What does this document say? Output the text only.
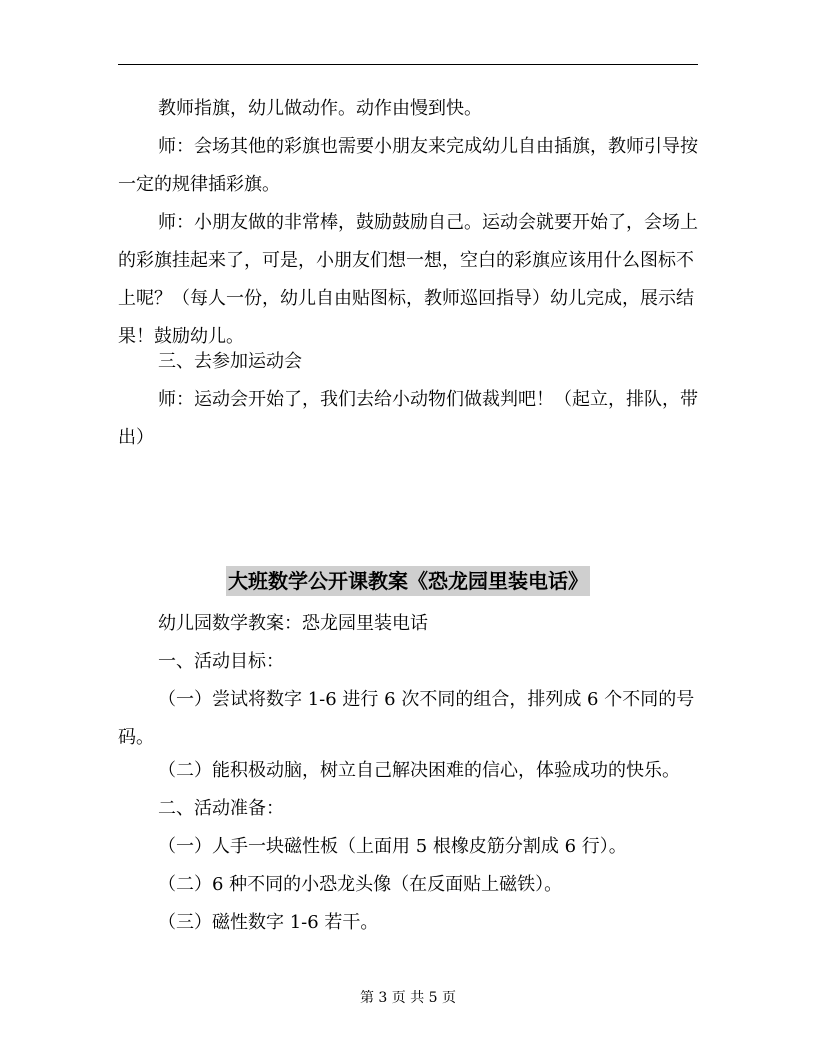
教师指旗，幼儿做动作。动作由慢到快。
师：会场其他的彩旗也需要小朋友来完成幼儿自由插旗，教师引导按一定的规律插彩旗。
师：小朋友做的非常棒，鼓励鼓励自己。运动会就要开始了，会场上的彩旗挂起来了，可是，小朋友们想一想，空白的彩旗应该用什么图标不上呢？（每人一份，幼儿自由贴图标，教师巡回指导）幼儿完成，展示结果！鼓励幼儿。
三、去参加运动会
师：运动会开始了，我们去给小动物们做裁判吧！（起立，排队，带出）
大班数学公开课教案《恐龙园里装电话》
幼儿园数学教案：恐龙园里装电话
一、活动目标：
（一）尝试将数字 1-6 进行 6 次不同的组合，排列成 6 个不同的号码。
（二）能积极动脑，树立自己解决困难的信心，体验成功的快乐。
二、活动准备：
（一）人手一块磁性板（上面用 5 根橡皮筋分割成 6 行）。
（二）6 种不同的小恐龙头像（在反面贴上磁铁）。
（三）磁性数字 1-6 若干。
第 3 页 共 5 页
